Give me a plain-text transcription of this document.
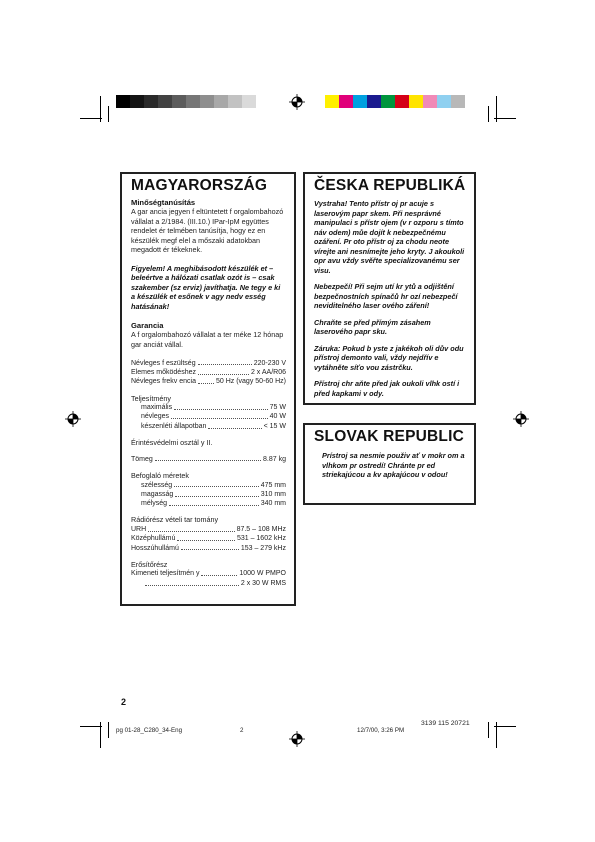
MAGYARORSZÁG
Minőségtanúsítás
A gar ancia jegyen f eltüntetett f orgalombahozó vállalat a 2/1984. (III.10.) IPar-IpM együttes rendelet ér telmében tanúsítja, hogy ez en készülék megf elel a mőszaki adatokban megadott ér tékeknek.
Figyelem! A meghibásodott készülék et – beleértve a hálózati csatlak ozót is – csak szakember (sz erviz) javíthatja. Ne tegy e ki a készülék et esőnek v agy nedv esség hatásának!
Garancia
A f orgalombahozó vállalat a ter méke 12 hónap gar anciát vállal.
Névleges f eszültség	220-230 V
Elemes mőködéshez	2 x AA/R06
Névleges frekv encia	50 Hz (vagy 50-60 Hz)
Teljesítmény
maximális	75 W
névleges	40 W
készenléti állapotban	< 15 W
Érintésvédelmi osztál y II.
Tömeg	8.87 kg
Befoglaló méretek
szélesség	475 mm
magasság	310 mm
mélység	340 mm
Rádiórész vételi tar tomány
URH	87.5 – 108 MHz
Középhullámú	531 – 1602 kHz
Hosszúhullámú	153 – 279 kHz
Erősítőrész
Kimeneti teljesítmén y	1000 W PMPO
2 x 30 W RMS
ČESKA REPUBLIKÁ
Vystraha! Tento přístr oj pr acuje s laserovým papr skem. Při nesprávné manipulaci s přístr ojem (v r ozporu s tímto náv odem) můe dojít k nebezpečnému ozáření. Pr oto přístr oj za chodu neote vírejte ani nesnímejte jeho kryty. J akoukoli opr avu vždy svěřte specializovanému ser visu.
Nebezpečí! Při sejm utí kr ytů a odjištění bezpečnostních spínačů hr ozí nebezpečí neviditelného laser ového záření!
Chraňte se před přímým zásahem laserového papr sku.
Záruka: Pokud b yste z jakékoh oli dův odu přístroj demonto vali, vždy nejdřív e vytáhněte síťo vou zástrčku.
Přístroj chr aňte před jak oukoli vlhk ostí i před kapkami v ody.
SLOVAK REPUBLIC
Prístroj sa nesmie použiv ať v mokr om a vlhkom pr ostredí! Chránte pr ed striekajúcou a kv apkajúcou v odou!
2
pg 01-28_C280_34-Eng	2	12/7/00, 3:26 PM
3139 115 20721
